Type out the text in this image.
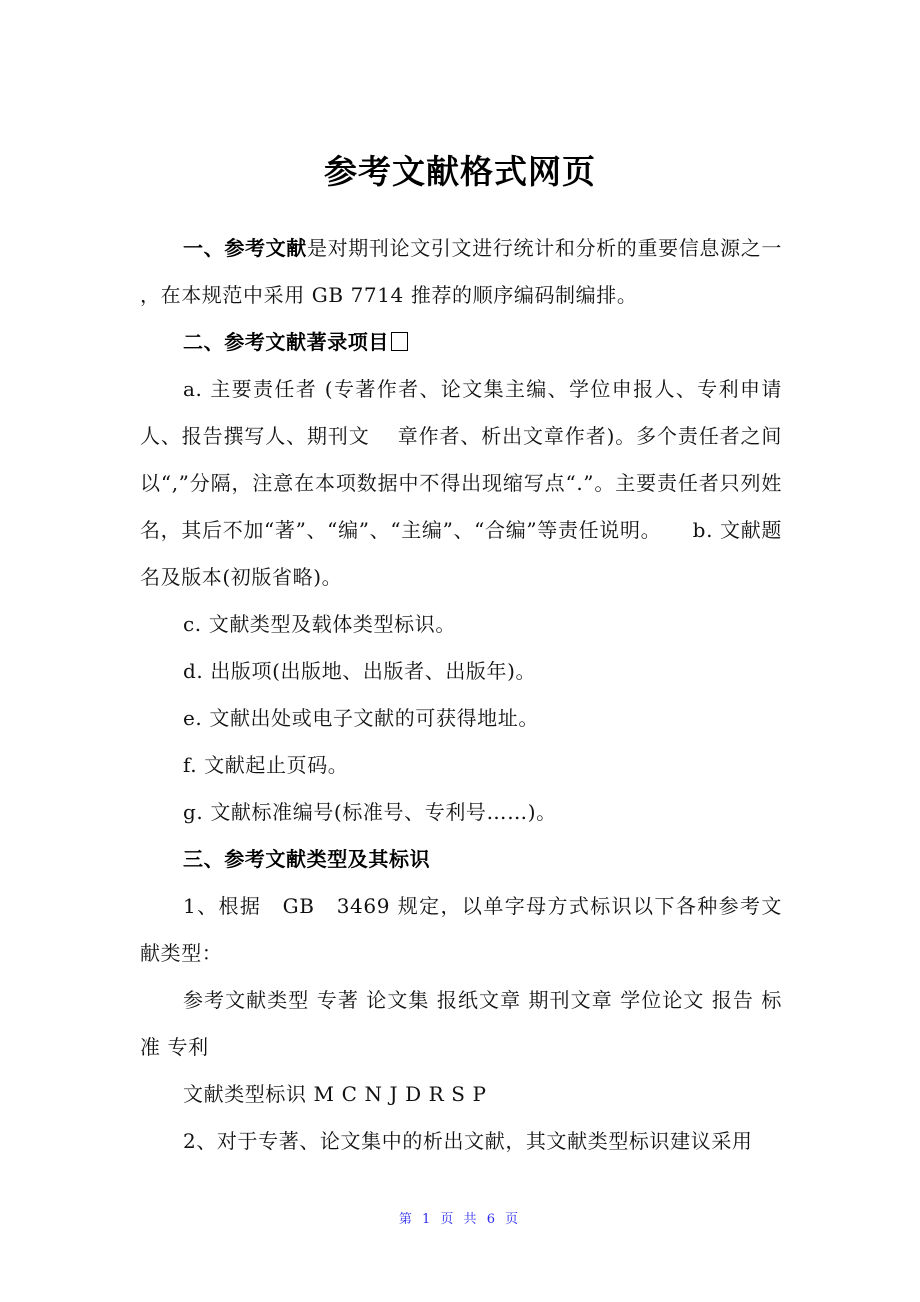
参考文献格式网页

一、参考文献是对期刊论文引文进行统计和分析的重要信息源之一 ，在本规范中采用 GB 7714 推荐的顺序编码制编排。

二、参考文献著录项目

a. 主要责任者 (专著作者、论文集主编、学位申报人、专利申请人、报告撰写人、期刊文　 章作者、析出文章作者)。多个责任者之间以“,”分隔，注意在本项数据中不得出现缩写点“.”。主要责任者只列姓名，其后不加“著”、“编”、“主编”、“合编”等责任说明。　　b. 文献题名及版本(初版省略)。

c. 文献类型及载体类型标识。

d. 出版项(出版地、出版者、出版年)。

e. 文献出处或电子文献的可获得地址。

f. 文献起止页码。

g. 文献标准编号(标准号、专利号……)。

三、参考文献类型及其标识

1、根据　GB　3469 规定，以单字母方式标识以下各种参考文献类型：

参考文献类型 专著 论文集 报纸文章 期刊文章 学位论文 报告 标准 专利

文献类型标识 M C N J D R S P

2、对于专著、论文集中的析出文献，其文献类型标识建议采用

第 1 页 共 6 页
